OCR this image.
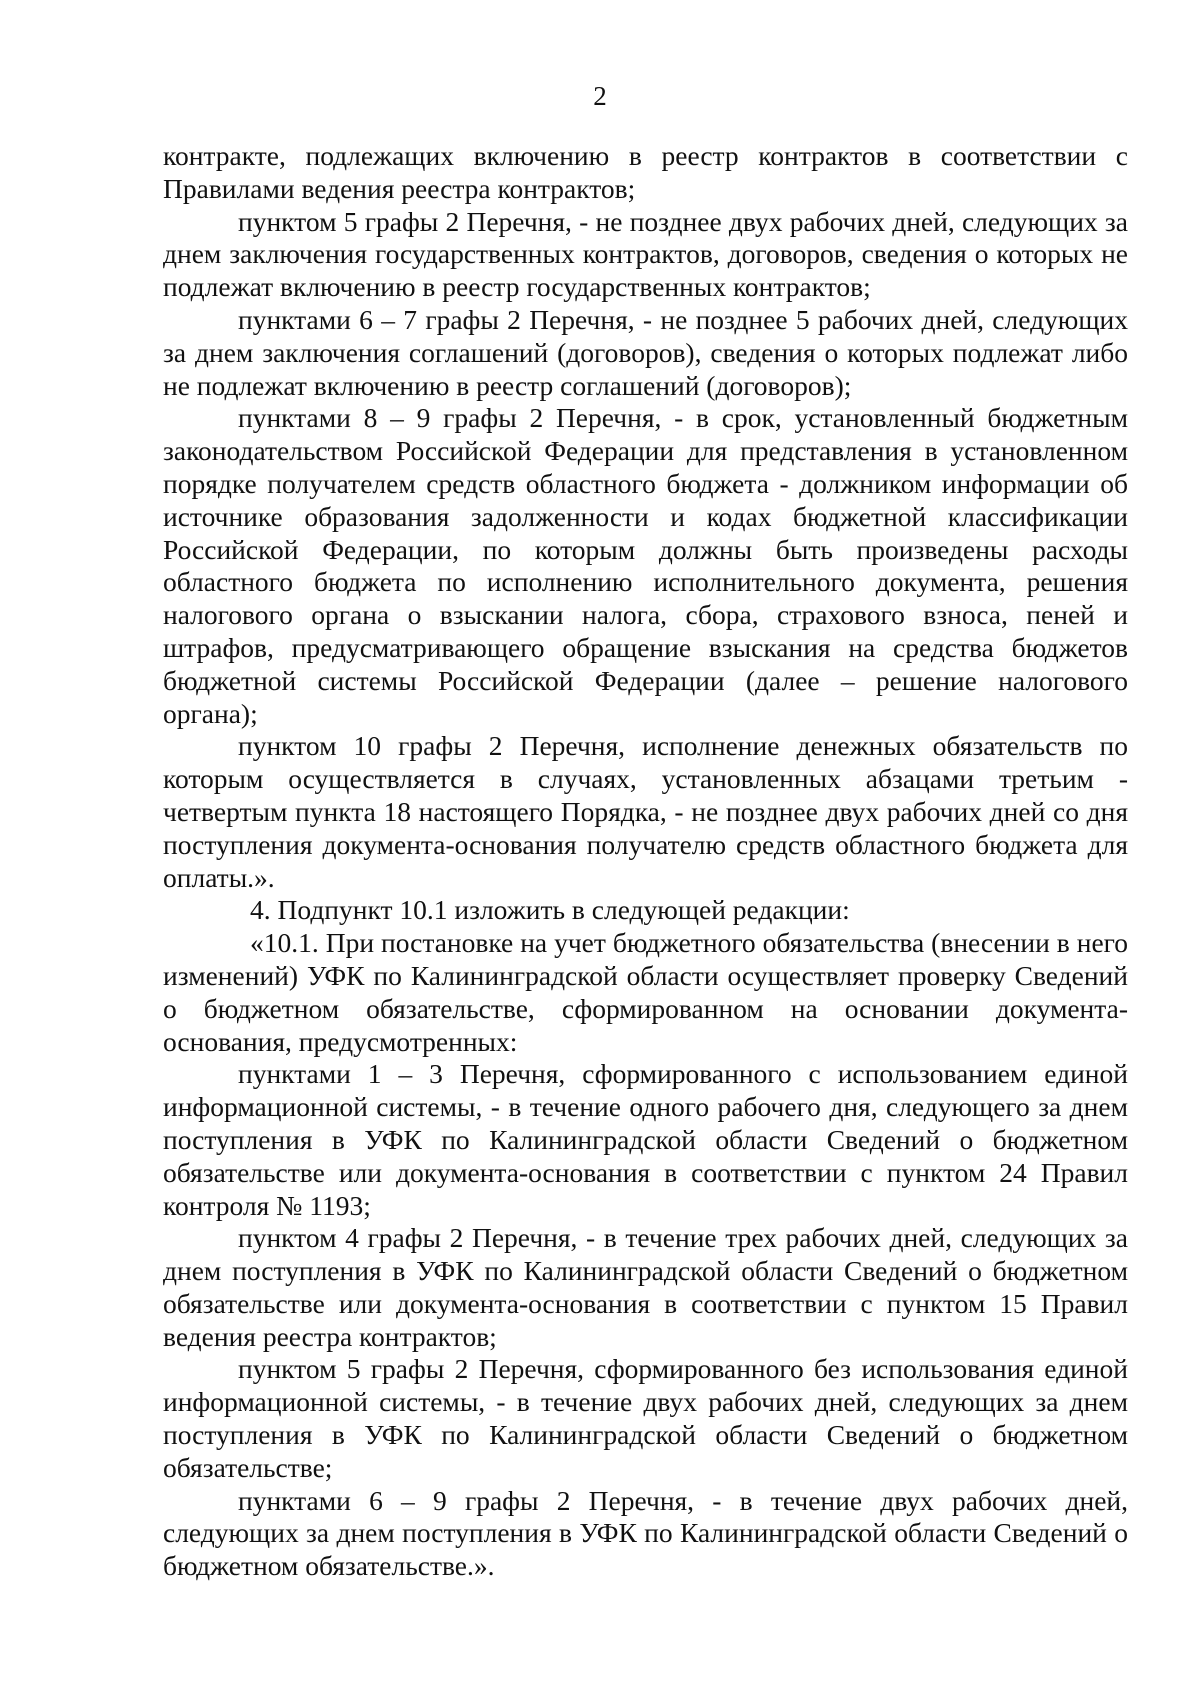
2

контракте, подлежащих включению в реестр контрактов в соответствии с Правилами ведения реестра контрактов;

пунктом 5 графы 2 Перечня, - не позднее двух рабочих дней, следующих за днем заключения государственных контрактов, договоров, сведения о которых не подлежат включению в реестр государственных контрактов;

пунктами 6 – 7 графы 2 Перечня, - не позднее 5 рабочих дней, следующих за днем заключения соглашений (договоров), сведения о которых подлежат либо не подлежат включению в реестр соглашений (договоров);

пунктами 8 – 9 графы 2 Перечня, - в срок, установленный бюджетным законодательством Российской Федерации для представления в установленном порядке получателем средств областного бюджета - должником информации об источнике образования задолженности и кодах бюджетной классификации Российской Федерации, по которым должны быть произведены расходы областного бюджета по исполнению исполнительного документа, решения налогового органа о взыскании налога, сбора, страхового взноса, пеней и штрафов, предусматривающего обращение взыскания на средства бюджетов бюджетной системы Российской Федерации (далее – решение налогового органа);

пунктом 10 графы 2 Перечня, исполнение денежных обязательств по которым осуществляется в случаях, установленных абзацами третьим - четвертым пункта 18 настоящего Порядка, - не позднее двух рабочих дней со дня поступления документа-основания получателю средств областного бюджета для оплаты.».

4. Подпункт 10.1 изложить в следующей редакции:

«10.1. При постановке на учет бюджетного обязательства (внесении в него изменений) УФК по Калининградской области осуществляет проверку Сведений о бюджетном обязательстве, сформированном на основании документа-основания, предусмотренных:

пунктами 1 – 3 Перечня, сформированного с использованием единой информационной системы, - в течение одного рабочего дня, следующего за днем поступления в УФК по Калининградской области Сведений о бюджетном обязательстве или документа-основания в соответствии с пунктом 24 Правил контроля № 1193;

пунктом 4 графы 2 Перечня, - в течение трех рабочих дней, следующих за днем поступления в УФК по Калининградской области Сведений о бюджетном обязательстве или документа-основания в соответствии с пунктом 15 Правил ведения реестра контрактов;

пунктом 5 графы 2 Перечня, сформированного без использования единой информационной системы, - в течение двух рабочих дней, следующих за днем поступления в УФК по Калининградской области Сведений о бюджетном обязательстве;

пунктами 6 – 9 графы 2 Перечня, - в течение двух рабочих дней, следующих за днем поступления в УФК по Калининградской области Сведений о бюджетном обязательстве.».
